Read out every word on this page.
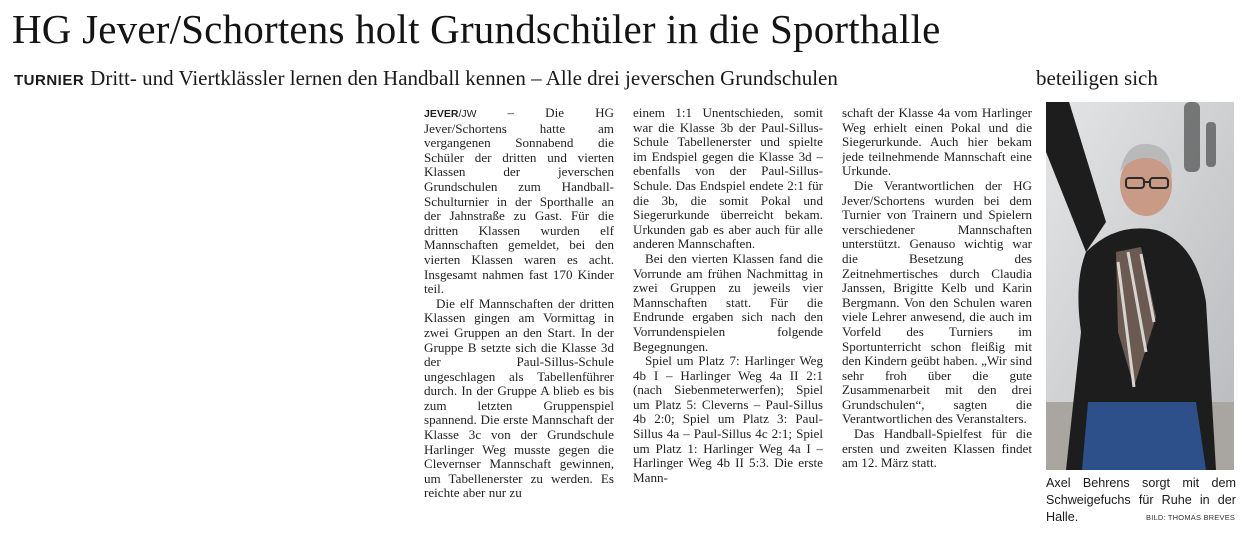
HG Jever/Schortens holt Grundschüler in die Sporthalle
TURNIER Dritt- und Viertklässler lernen den Handball kennen – Alle drei jeverschen Grundschulen	beteiligen sich

JEVER/JW – Die HG Jever/Schortens hatte am vergangenen Sonnabend die Schüler der dritten und vierten Klassen der jeverschen Grundschulen zum Handball-Schulturnier in der Sporthalle an der Jahnstraße zu Gast. Für die dritten Klassen wurden elf Mannschaften gemeldet, bei den vierten Klassen waren es acht. Insgesamt nahmen fast 170 Kinder teil.

Die elf Mannschaften der dritten Klassen gingen am Vormittag in zwei Gruppen an den Start. In der Gruppe B setzte sich die Klasse 3d der Paul-Sillus-Schule ungeschlagen als Tabellenführer durch. In der Gruppe A blieb es bis zum letzten Gruppenspiel spannend. Die erste Mannschaft der Klasse 3c von der Grundschule Harlinger Weg musste gegen die Clevernser Mannschaft gewinnen, um Tabellenerster zu werden. Es reichte aber nur zu

einem 1:1 Unentschieden, somit war die Klasse 3b der Paul-Sillus-Schule Tabellenerster und spielte im Endspiel gegen die Klasse 3d – ebenfalls von der Paul-Sillus-Schule. Das Endspiel endete 2:1 für die 3b, die somit Pokal und Siegerurkunde überreicht bekam. Urkunden gab es aber auch für alle anderen Mannschaften.

Bei den vierten Klassen fand die Vorrunde am frühen Nachmittag in zwei Gruppen zu jeweils vier Mannschaften statt. Für die Endrunde ergaben sich nach den Vorrundenspielen folgende Begegnungen.

Spiel um Platz 7: Harlinger Weg 4b I – Harlinger Weg 4a II 2:1 (nach Siebenmeterwerfen); Spiel um Platz 5: Cleverns – Paul-Sillus 4b 2:0; Spiel um Platz 3: Paul-Sillus 4a – Paul-Sillus 4c 2:1; Spiel um Platz 1: Harlinger Weg 4a I – Harlinger Weg 4b II 5:3. Die erste Mann-

schaft der Klasse 4a vom Harlinger Weg erhielt einen Pokal und die Siegerurkunde. Auch hier bekam jede teilnehmende Mannschaft eine Urkunde.

Die Verantwortlichen der HG Jever/Schortens wurden bei dem Turnier von Trainern und Spielern verschiedener Mannschaften unterstützt. Genauso wichtig war die Besetzung des Zeitnehmertisches durch Claudia Janssen, Brigitte Kelb und Karin Bergmann. Von den Schulen waren viele Lehrer anwesend, die auch im Vorfeld des Turniers im Sportunterricht schon fleißig mit den Kindern geübt haben. „Wir sind sehr froh über die gute Zusammenarbeit mit den drei Grundschulen“, sagten die Verantwortlichen des Veranstalters.

Das Handball-Spielfest für die ersten und zweiten Klassen findet am 12. März statt.

Axel Behrens sorgt mit dem Schweigefuchs für Ruhe in der Halle.	BILD: THOMAS BREVES
